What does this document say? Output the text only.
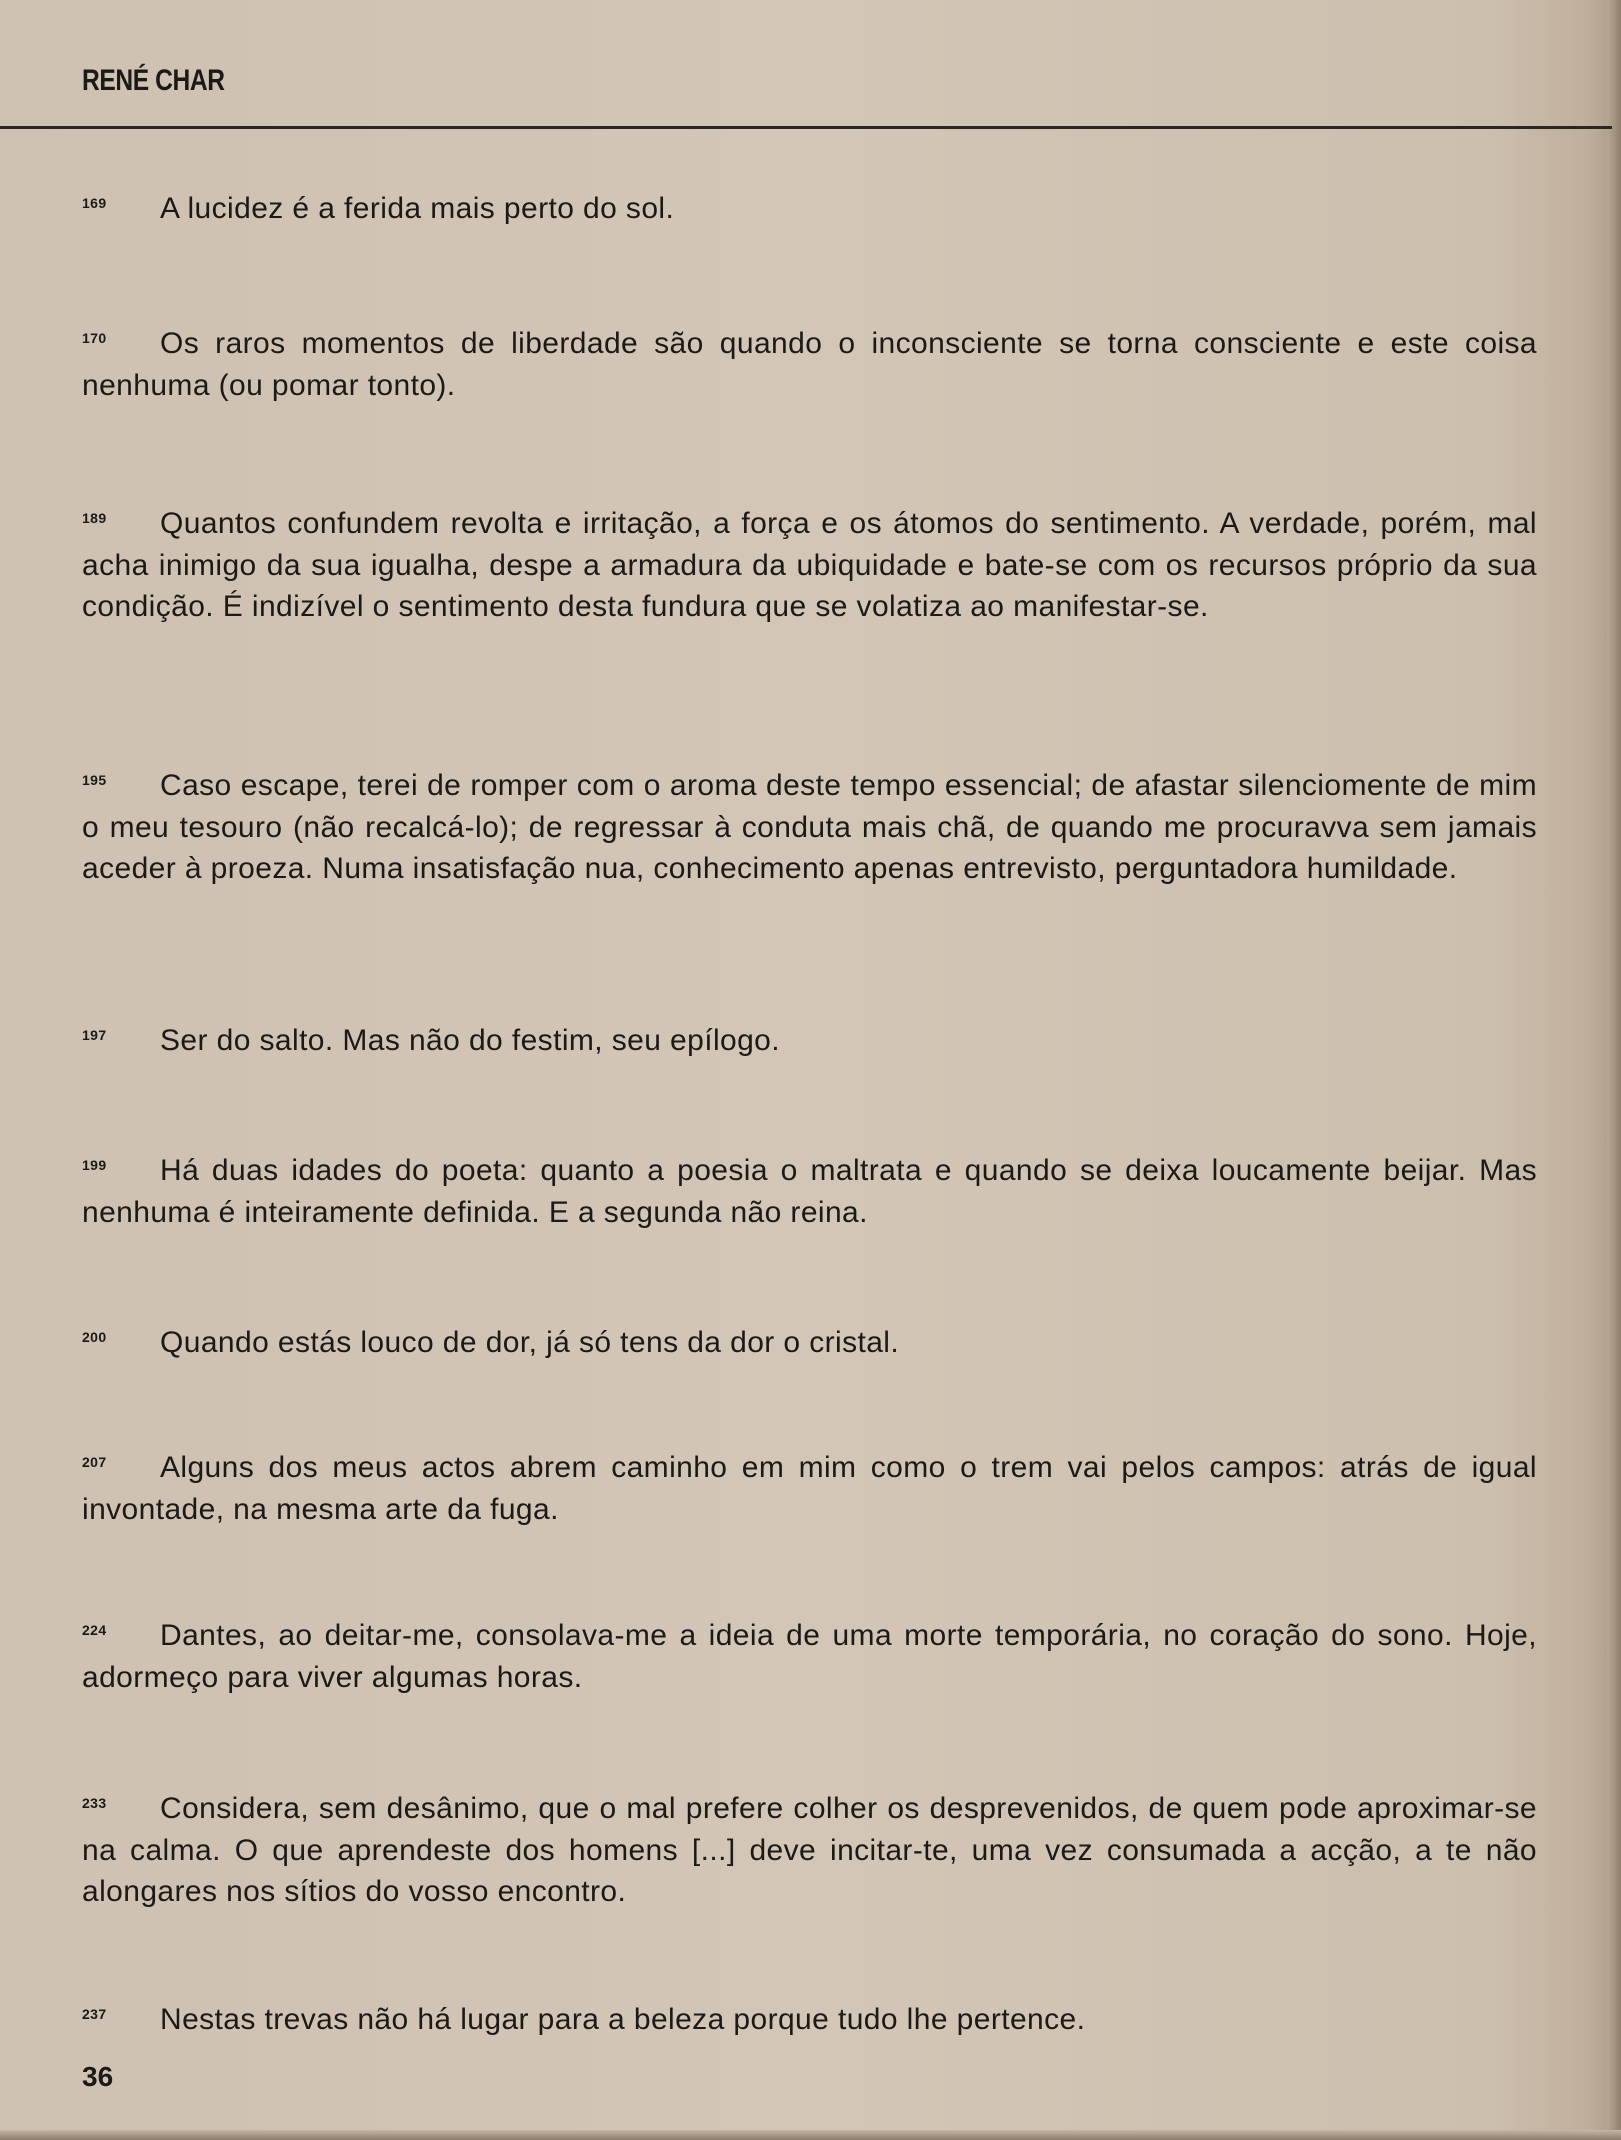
RENÉ CHAR
169 A lucidez é a ferida mais perto do sol.
170 Os raros momentos de liberdade são quando o inconsciente se torna consciente e este coisa nenhuma (ou pomar tonto).
189 Quantos confundem revolta e irritação, a força e os átomos do sentimento. A verdade, porém, mal acha inimigo da sua igualha, despe a armadura da ubiquidade e bate-se com os recursos próprio da sua condição. É indizível o sentimento desta fundura que se volatiza ao manifestar-se.
195 Caso escape, terei de romper com o aroma deste tempo essencial; de afastar silenciomente de mim o meu tesouro (não recalcá-lo); de regressar à conduta mais chã, de quando me procuravva sem jamais aceder à proeza. Numa insatisfação nua, conhecimento apenas entrevisto, perguntadora humildade.
197 Ser do salto. Mas não do festim, seu epílogo.
199 Há duas idades do poeta: quanto a poesia o maltrata e quando se deixa loucamente beijar. Mas nenhuma é inteiramente definida. E a segunda não reina.
200 Quando estás louco de dor, já só tens da dor o cristal.
207 Alguns dos meus actos abrem caminho em mim como o trem vai pelos campos: atrás de igual invontade, na mesma arte da fuga.
224 Dantes, ao deitar-me, consolava-me a ideia de uma morte temporária, no coração do sono. Hoje, adormeço para viver algumas horas.
233 Considera, sem desânimo, que o mal prefere colher os desprevenidos, de quem pode aproximar-se na calma. O que aprendeste dos homens [...] deve incitar-te, uma vez consumada a acção, a te não alongares nos sítios do vosso encontro.
237 Nestas trevas não há lugar para a beleza porque tudo lhe pertence.
36
